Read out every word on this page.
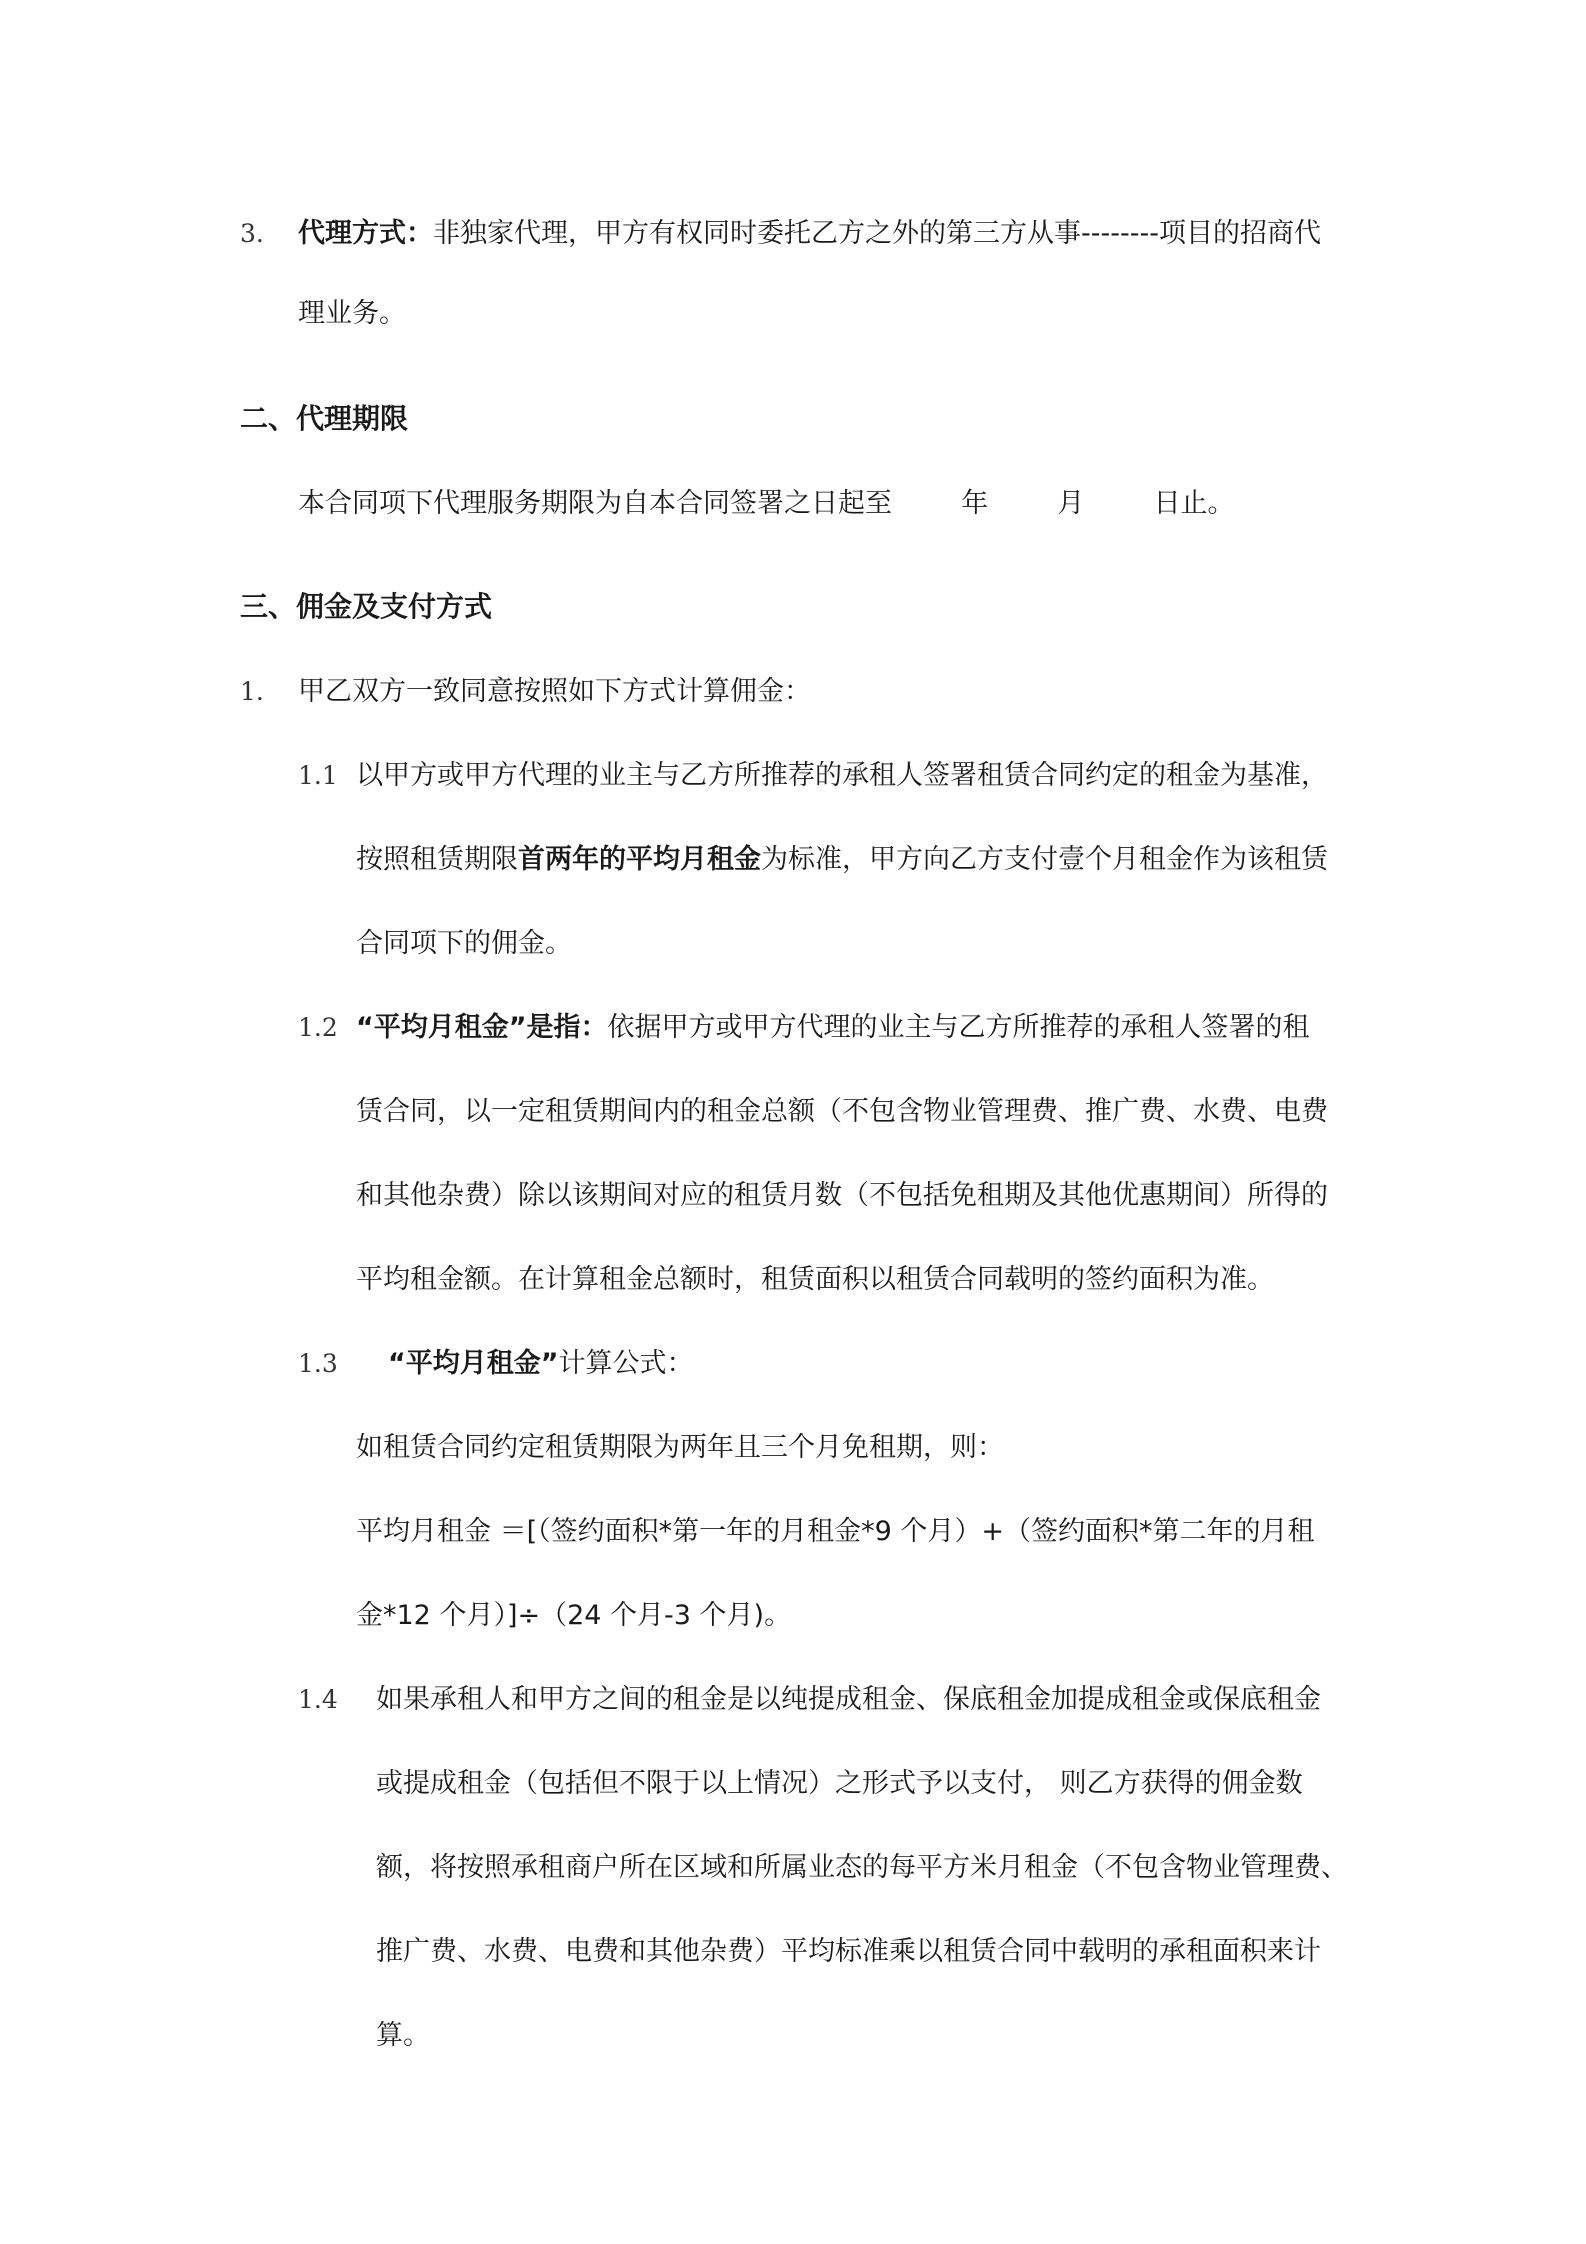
3. 代理方式：非独家代理，甲方有权同时委托乙方之外的第三方从事--------项目的招商代
理业务。
二、代理期限
本合同项下代理服务期限为自本合同签署之日起至	年	月	日止。
三、佣金及支付方式
1. 甲乙双方一致同意按照如下方式计算佣金：
1.1 以甲方或甲方代理的业主与乙方所推荐的承租人签署租赁合同约定的租金为基准，
按照租赁期限首两年的平均月租金为标准，甲方向乙方支付壹个月租金作为该租赁
合同项下的佣金。
1.2 “平均月租金”是指：依据甲方或甲方代理的业主与乙方所推荐的承租人签署的租
赁合同，以一定租赁期间内的租金总额（不包含物业管理费、推广费、水费、电费
和其他杂费）除以该期间对应的租赁月数（不包括免租期及其他优惠期间）所得的
平均租金额。在计算租金总额时，租赁面积以租赁合同载明的签约面积为准。
1.3 “平均月租金”计算公式：
如租赁合同约定租赁期限为两年且三个月免租期，则：
平均月租金 ＝[（签约面积*第一年的月租金*9 个月）+（签约面积*第二年的月租
金*12 个月）]÷（24 个月-3 个月)。
1.4 如果承租人和甲方之间的租金是以纯提成租金、保底租金加提成租金或保底租金
或提成租金（包括但不限于以上情况）之形式予以支付， 则乙方获得的佣金数
额，将按照承租商户所在区域和所属业态的每平方米月租金（不包含物业管理费、
推广费、水费、电费和其他杂费）平均标准乘以租赁合同中载明的承租面积来计
算。
